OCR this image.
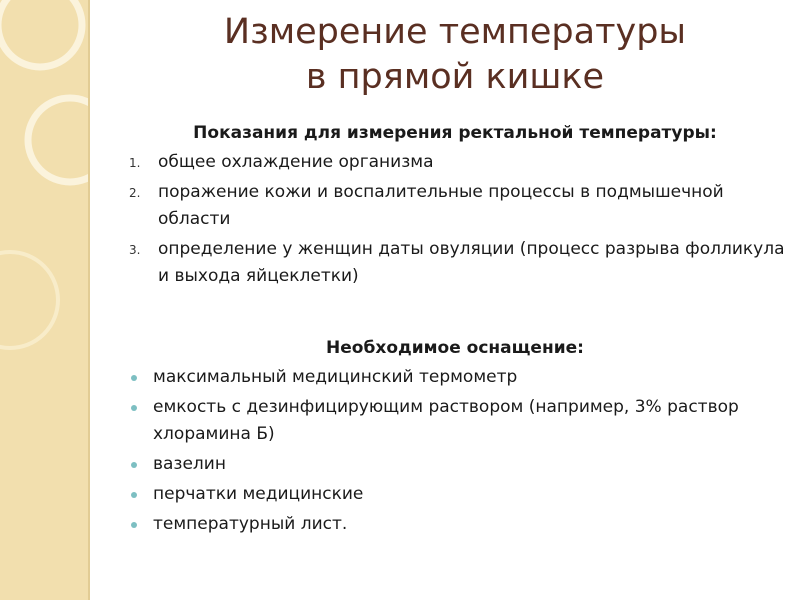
Измерение температуры
в прямой кишке

Показания для измерения ректальной температуры:

1. общее охлаждение организма
2. поражение кожи и воспалительные процессы в подмышечной области
3. определение у женщин даты овуляции (процесс разрыва фолликула и выхода яйцеклетки)

Необходимое оснащение:

максимальный медицинский термометр
емкость с дезинфицирующим раствором (например, 3% раствор хлорамина Б)
вазелин
перчатки медицинские
температурный лист.
